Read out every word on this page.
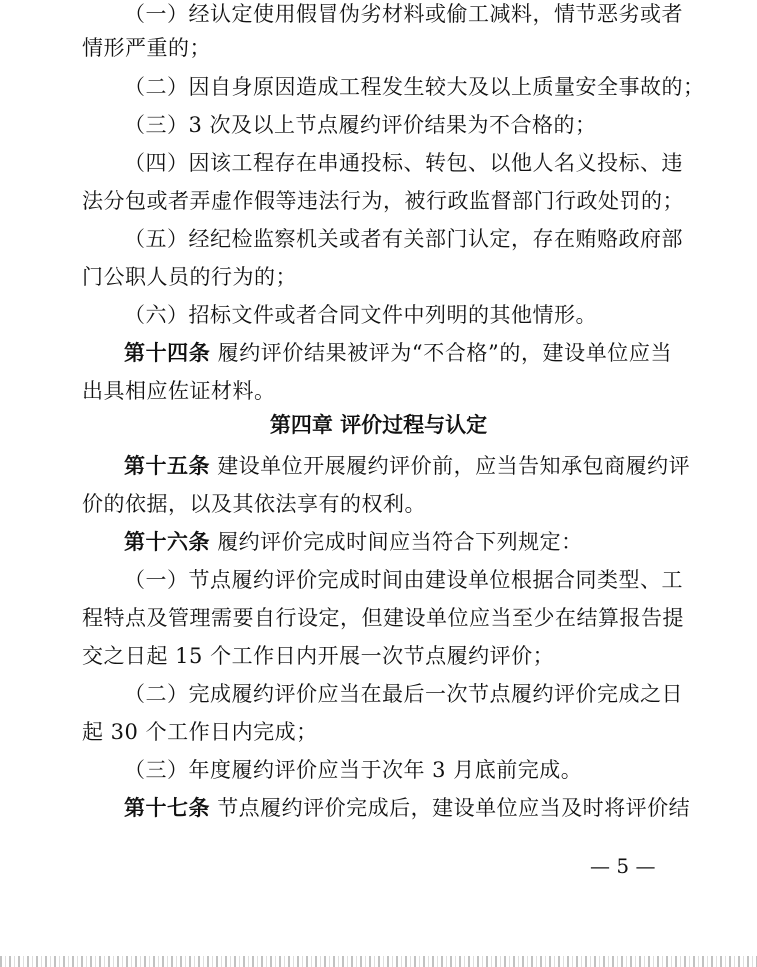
（一）经认定使用假冒伪劣材料或偷工减料，情节恶劣或者
情形严重的；
（二）因自身原因造成工程发生较大及以上质量安全事故的；
（三）3 次及以上节点履约评价结果为不合格的；
（四）因该工程存在串通投标、转包、以他人名义投标、违
法分包或者弄虚作假等违法行为，被行政监督部门行政处罚的；
（五）经纪检监察机关或者有关部门认定，存在贿赂政府部
门公职人员的行为的；
（六）招标文件或者合同文件中列明的其他情形。
第十四条 履约评价结果被评为“不合格”的，建设单位应当
出具相应佐证材料。
第四章 评价过程与认定
第十五条 建设单位开展履约评价前，应当告知承包商履约评
价的依据，以及其依法享有的权利。
第十六条 履约评价完成时间应当符合下列规定：
（一）节点履约评价完成时间由建设单位根据合同类型、工
程特点及管理需要自行设定，但建设单位应当至少在结算报告提
交之日起 15 个工作日内开展一次节点履约评价；
（二）完成履约评价应当在最后一次节点履约评价完成之日
起 30 个工作日内完成；
（三）年度履约评价应当于次年 3 月底前完成。
第十七条 节点履约评价完成后，建设单位应当及时将评价结
— 5 —
